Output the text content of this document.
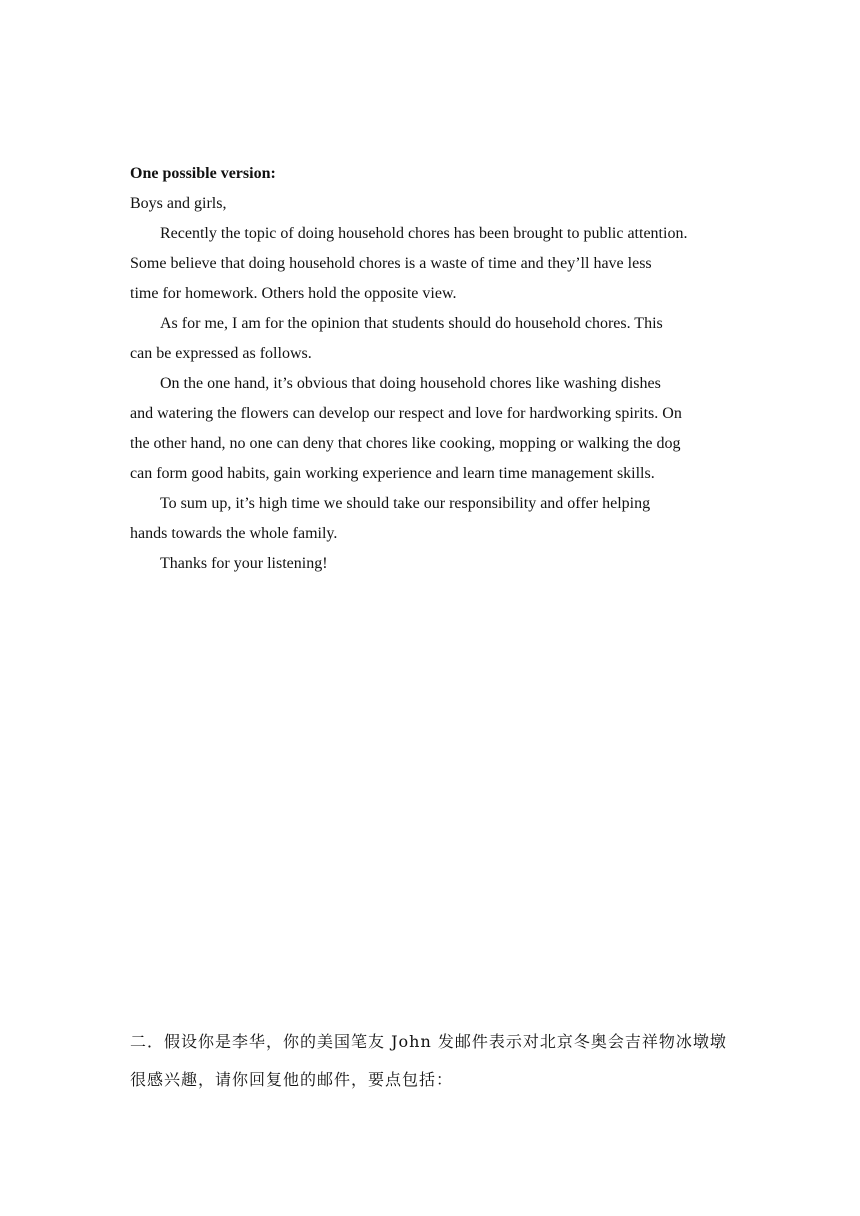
One possible version:
Boys and girls,
Recently the topic of doing household chores has been brought to public attention.
Some believe that doing household chores is a waste of time and they’ll have less
time for homework. Others hold the opposite view.
As for me, I am for the opinion that students should do household chores. This
can be expressed as follows.
On the one hand, it’s obvious that doing household chores like washing dishes
and watering the flowers can develop our respect and love for hardworking spirits. On
the other hand, no one can deny that chores like cooking, mopping or walking the dog
can form good habits, gain working experience and learn time management skills.
To sum up, it’s high time we should take our responsibility and offer helping
hands towards the whole family.
Thanks for your listening!
二．假设你是李华，你的美国笔友 John 发邮件表示对北京冬奥会吉祥物冰墩墩
很感兴趣，请你回复他的邮件，要点包括：
